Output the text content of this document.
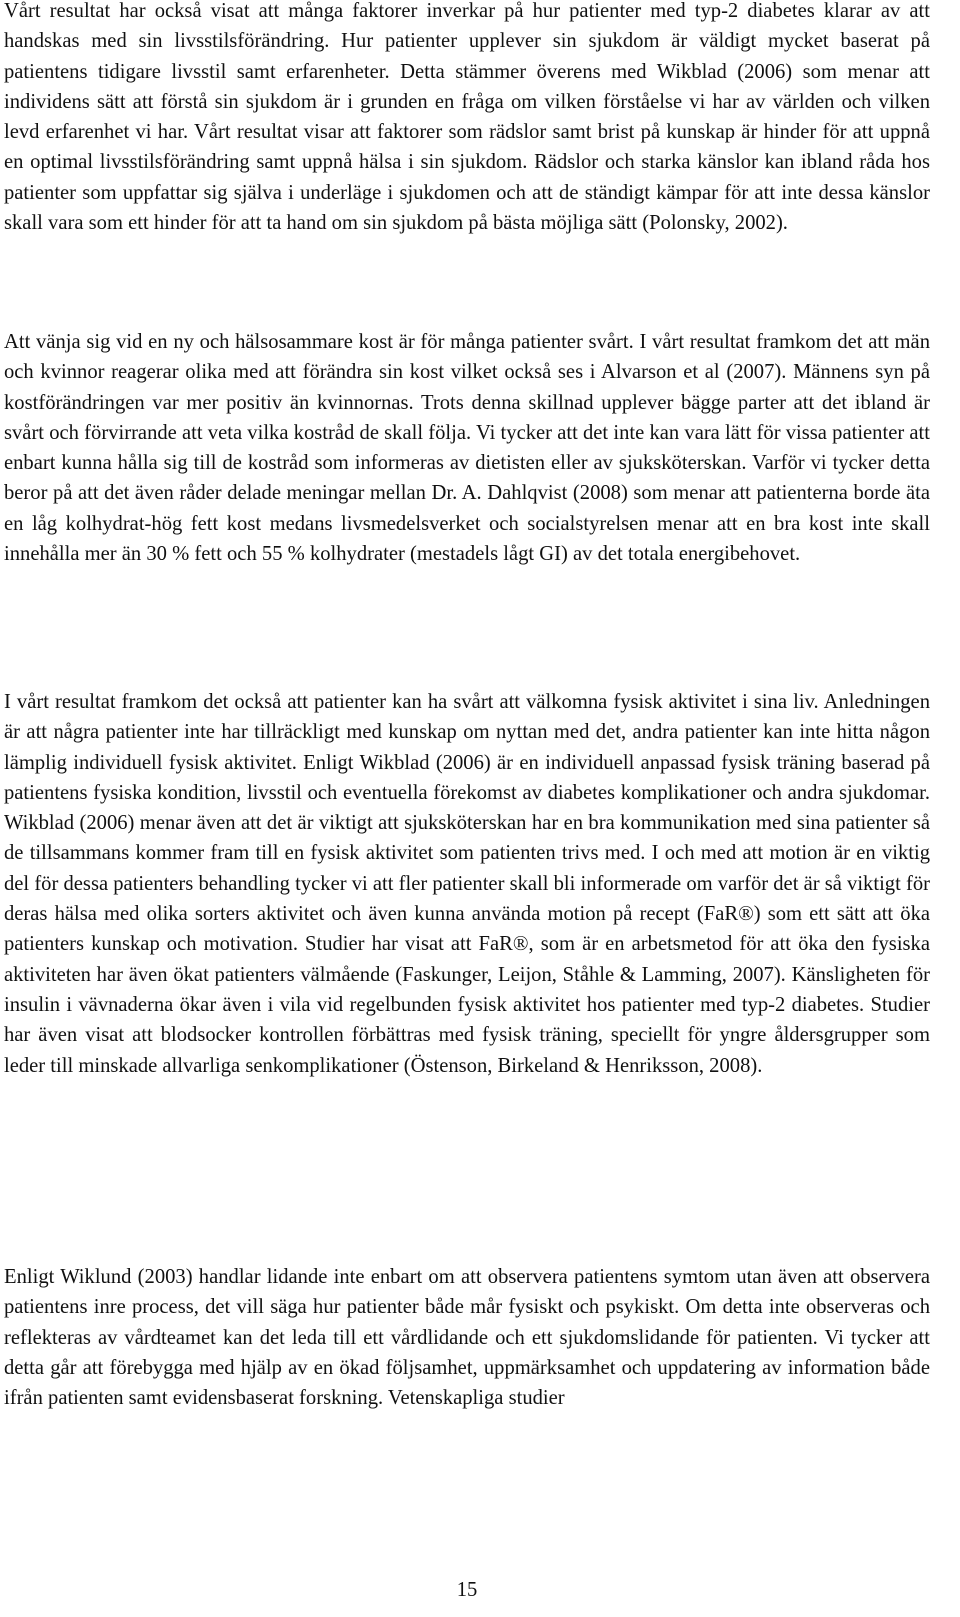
Vårt resultat har också visat att många faktorer inverkar på hur patienter med typ-2 diabetes klarar av att handskas med sin livsstilsförändring. Hur patienter upplever sin sjukdom är väldigt mycket baserat på patientens tidigare livsstil samt erfarenheter. Detta stämmer överens med Wikblad (2006) som menar att individens sätt att förstå sin sjukdom är i grunden en fråga om vilken förståelse vi har av världen och vilken levd erfarenhet vi har. Vårt resultat visar att faktorer som rädslor samt brist på kunskap är hinder för att uppnå en optimal livsstilsförändring samt uppnå hälsa i sin sjukdom. Rädslor och starka känslor kan ibland råda hos patienter som uppfattar sig själva i underläge i sjukdomen och att de ständigt kämpar för att inte dessa känslor skall vara som ett hinder för att ta hand om sin sjukdom på bästa möjliga sätt (Polonsky, 2002).

Att vänja sig vid en ny och hälsosammare kost är för många patienter svårt. I vårt resultat framkom det att män och kvinnor reagerar olika med att förändra sin kost vilket också ses i Alvarson et al (2007). Männens syn på kostförändringen var mer positiv än kvinnornas. Trots denna skillnad upplever bägge parter att det ibland är svårt och förvirrande att veta vilka kostråd de skall följa. Vi tycker att det inte kan vara lätt för vissa patienter att enbart kunna hålla sig till de kostråd som informeras av dietisten eller av sjuksköterskan. Varför vi tycker detta beror på att det även råder delade meningar mellan Dr. A. Dahlqvist (2008) som menar att patienterna borde äta en låg kolhydrat-hög fett kost medans livsmedelsverket och socialstyrelsen menar att en bra kost inte skall innehålla mer än 30 % fett och 55 % kolhydrater (mestadels lågt GI) av det totala energibehovet.

I vårt resultat framkom det också att patienter kan ha svårt att välkomna fysisk aktivitet i sina liv. Anledningen är att några patienter inte har tillräckligt med kunskap om nyttan med det, andra patienter kan inte hitta någon lämplig individuell fysisk aktivitet. Enligt Wikblad (2006) är en individuell anpassad fysisk träning baserad på patientens fysiska kondition, livsstil och eventuella förekomst av diabetes komplikationer och andra sjukdomar. Wikblad (2006) menar även att det är viktigt att sjuksköterskan har en bra kommunikation med sina patienter så de tillsammans kommer fram till en fysisk aktivitet som patienten trivs med. I och med att motion är en viktig del för dessa patienters behandling tycker vi att fler patienter skall bli informerade om varför det är så viktigt för deras hälsa med olika sorters aktivitet och även kunna använda motion på recept (FaR®) som ett sätt att öka patienters kunskap och motivation. Studier har visat att FaR®, som är en arbetsmetod för att öka den fysiska aktiviteten har även ökat patienters välmående (Faskunger, Leijon, Ståhle & Lamming, 2007). Känsligheten för insulin i vävnaderna ökar även i vila vid regelbunden fysisk aktivitet hos patienter med typ-2 diabetes. Studier har även visat att blodsocker kontrollen förbättras med fysisk träning, speciellt för yngre åldersgrupper som leder till minskade allvarliga senkomplikationer (Östenson, Birkeland & Henriksson, 2008).

Enligt Wiklund (2003) handlar lidande inte enbart om att observera patientens symtom utan även att observera patientens inre process, det vill säga hur patienter både mår fysiskt och psykiskt. Om detta inte observeras och reflekteras av vårdteamet kan det leda till ett vårdlidande och ett sjukdomslidande för patienten. Vi tycker att detta går att förebygga med hjälp av en ökad följsamhet, uppmärksamhet och uppdatering av information både ifrån patienten samt evidensbaserat forskning. Vetenskapliga studier

15
